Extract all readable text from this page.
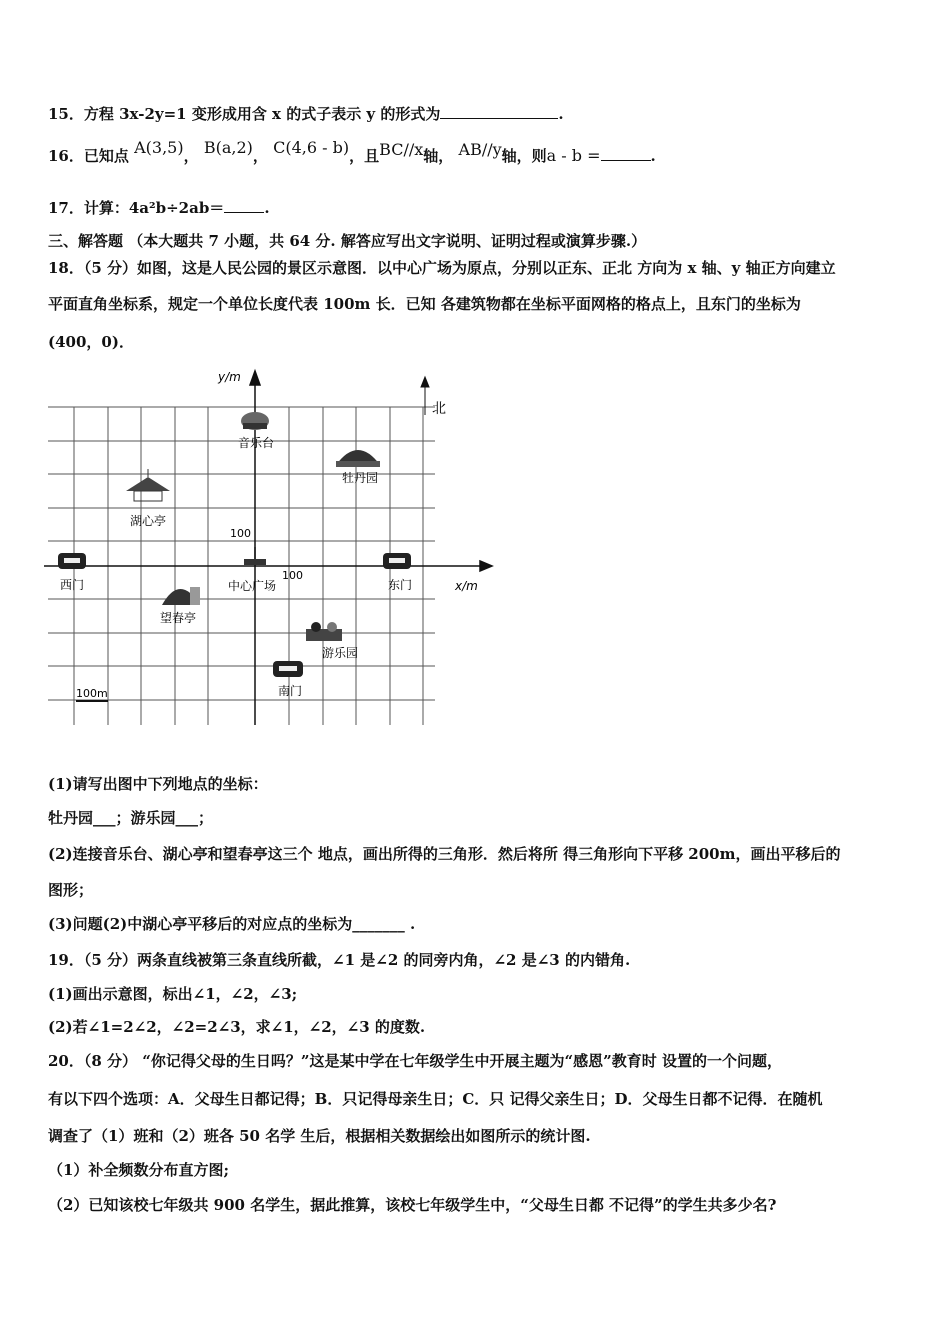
15．方程 3x-2y=1 变形成用含 x 的式子表示 y 的形式为	.
16．已知点 A(3,5)， B(a,2)， C(4,6 - b)，且BC//x轴， AB//y轴，则a - b =	.
17．计算：4a²b÷2ab＝	.
三、解答题 （本大题共 7 小题，共 64 分. 解答应写出文字说明、证明过程或演算步骤.）
18．（5 分）如图，这是人民公园的景区示意图．以中心广场为原点，分别以正东、正北 方向为 x 轴、y 轴正方向建立
平面直角坐标系，规定一个单位长度代表 100m 长．已知 各建筑物都在坐标平面网格的格点上，且东门的坐标为
(400，0)．
y/m
x/m
北
100
100
100m
音乐台
牡丹园
湖心亭
西门	中心广场	东门
望春亭
游乐园
南门
(1)请写出图中下列地点的坐标：
牡丹园___；游乐园___；
(2)连接音乐台、湖心亭和望春亭这三个 地点，画出所得的三角形．然后将所 得三角形向下平移 200m，画出平移后的
图形；
(3)问题(2)中湖心亭平移后的对应点的坐标为_______ .
19．（5 分）两条直线被第三条直线所截，∠1 是∠2 的同旁内角，∠2 是∠3 的内错角.
(1)画出示意图，标出∠1，∠2，∠3;
(2)若∠1=2∠2，∠2=2∠3，求∠1，∠2，∠3 的度数.
20．（8 分） “你记得父母的生日吗？”这是某中学在七年级学生中开展主题为“感恩”教育时 设置的一个问题，
有以下四个选项：A．父母生日都记得；B．只记得母亲生日；C．只 记得父亲生日；D．父母生日都不记得．在随机
调查了（1）班和（2）班各 50 名学 生后，根据相关数据绘出如图所示的统计图.
（1）补全频数分布直方图;
（2）已知该校七年级共 900 名学生，据此推算，该校七年级学生中，“父母生日都 不记得”的学生共多少名?
